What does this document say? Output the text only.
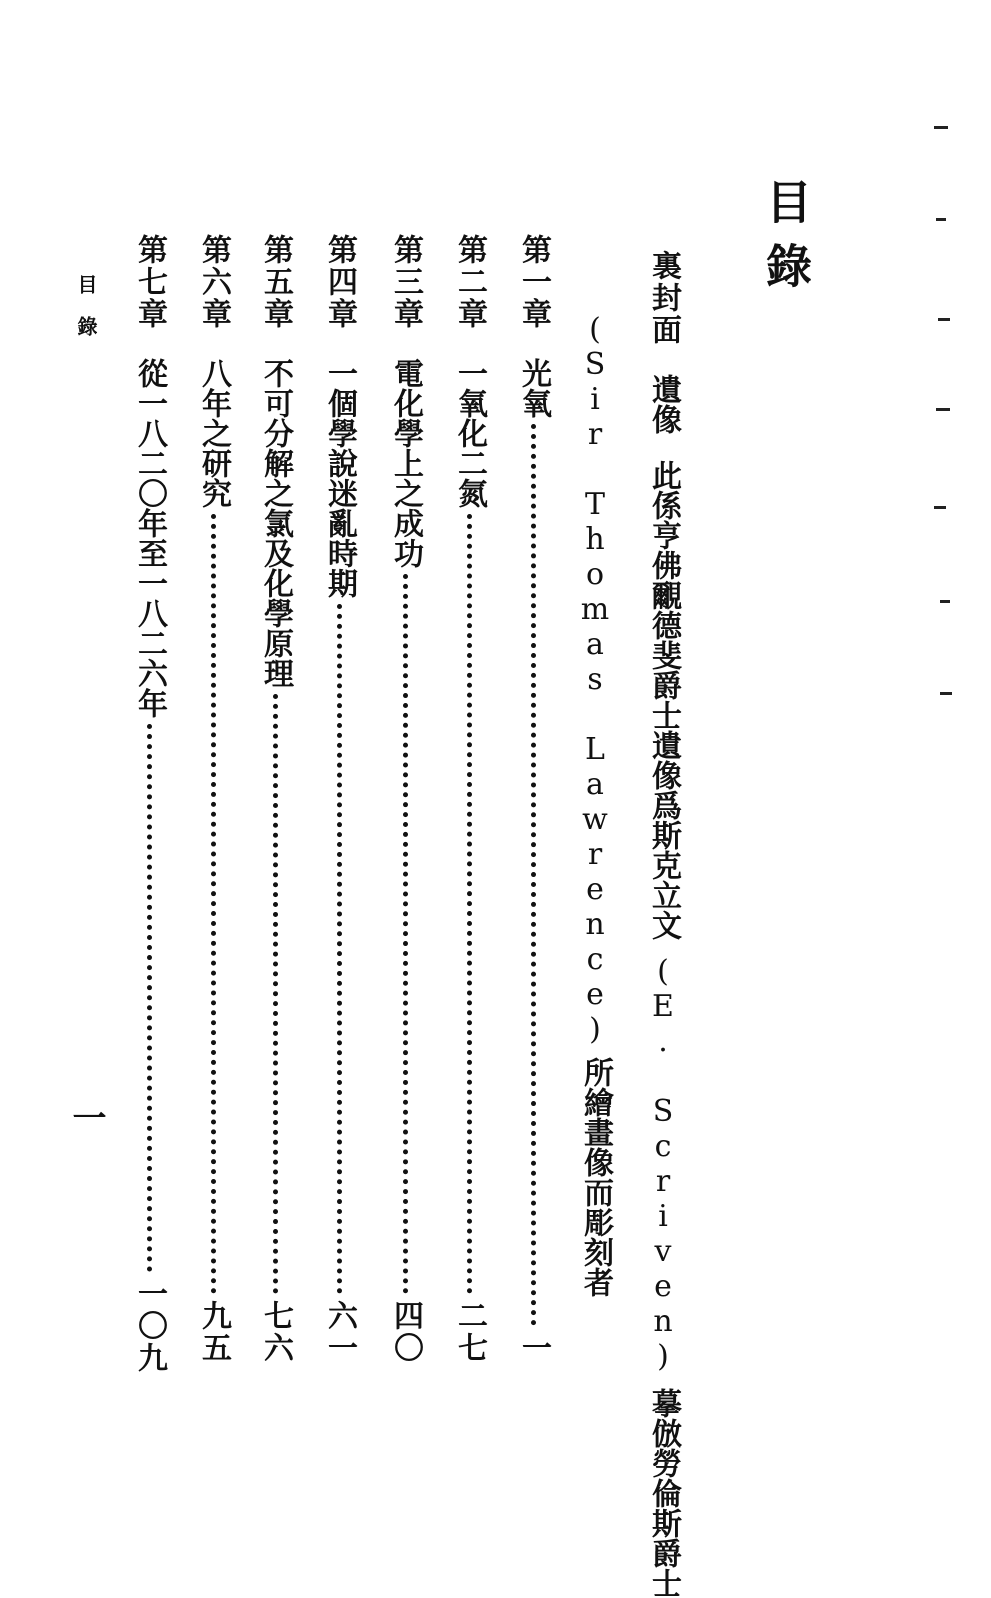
目錄
裏封面
遺像
此係亨佛覼德斐爵士遺像爲斯克立文
(E. Scriven)
摹倣勞倫斯爵士
(Sir Thomas Lawrence)
所繪畫像而彫刻者
第一章
光氧
一
第二章
一氧化二氮
二七
第三章
電化學上之成功
四〇
第四章
一個學說迷亂時期
六一
第五章
不可分解之氯及化學原理
七六
第六章
八年之研究
九五
第七章
從一八二〇年至一八二六年
一〇九
目錄
一
